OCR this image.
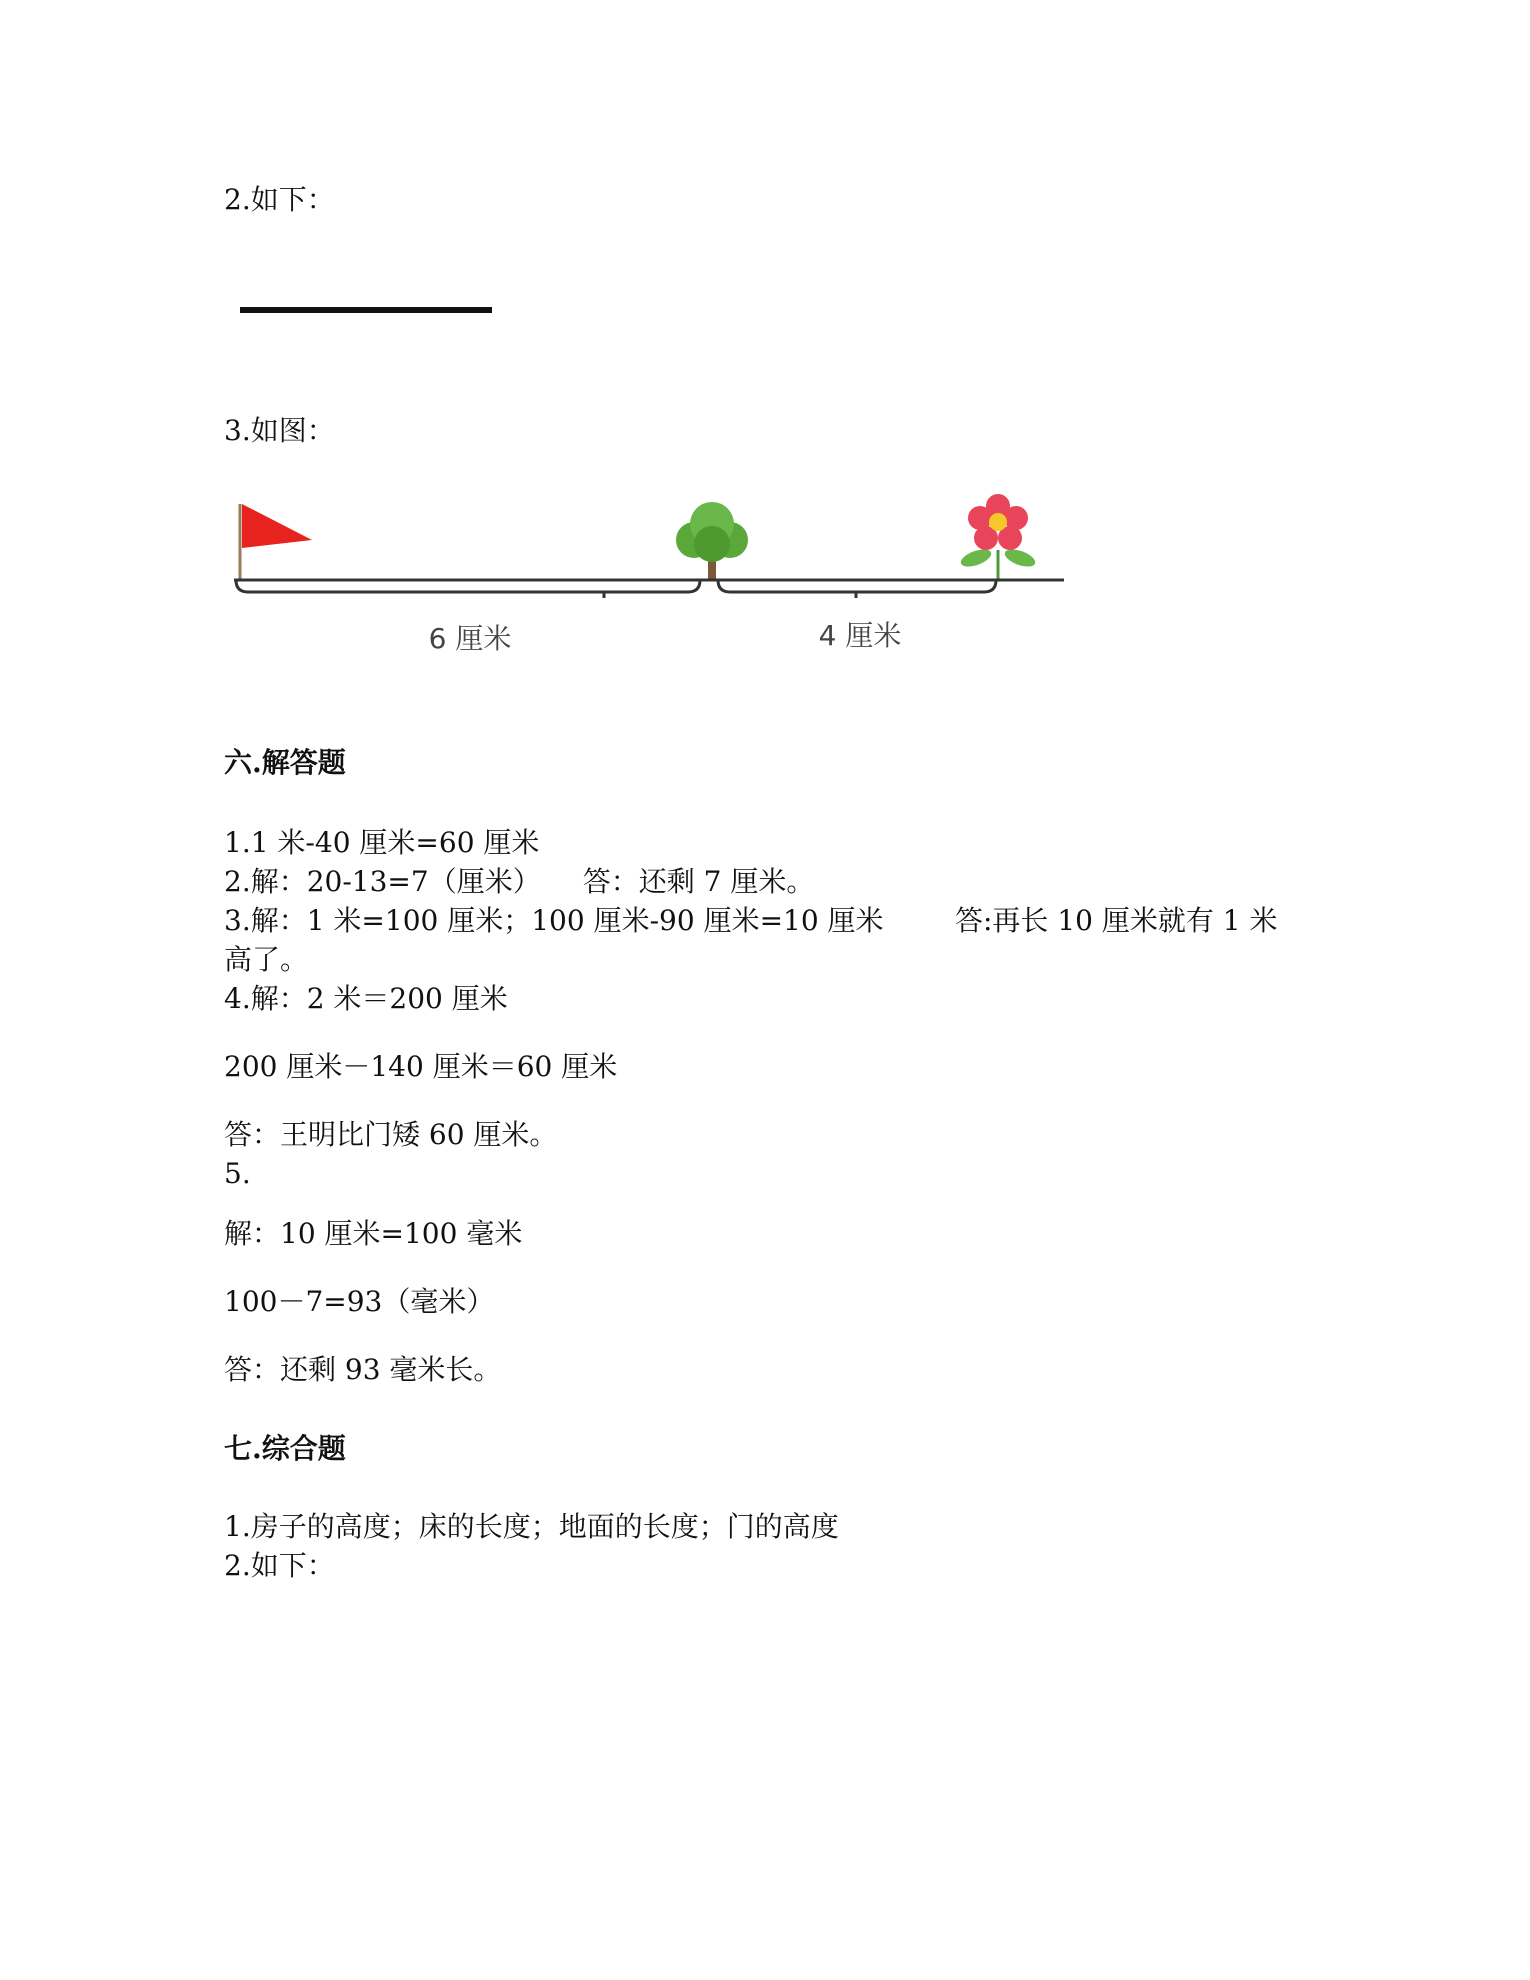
2.如下：
3.如图：
6 厘米	4 厘米
六.解答题
1.1 米-40 厘米=60 厘米
2.解：20-13=7（厘米）　　答：还剩 7 厘米。
3.解：1 米=100 厘米；100 厘米-90 厘米=10 厘米	答:再长 10 厘米就有 1 米
高了。
4.解：2 米＝200 厘米
200 厘米－140 厘米＝60 厘米
答：王明比门矮 60 厘米。
5.
解：10 厘米=100 毫米
100－7=93（毫米）
答：还剩 93 毫米长。
七.综合题
1.房子的高度；床的长度；地面的长度；门的高度
2.如下：
